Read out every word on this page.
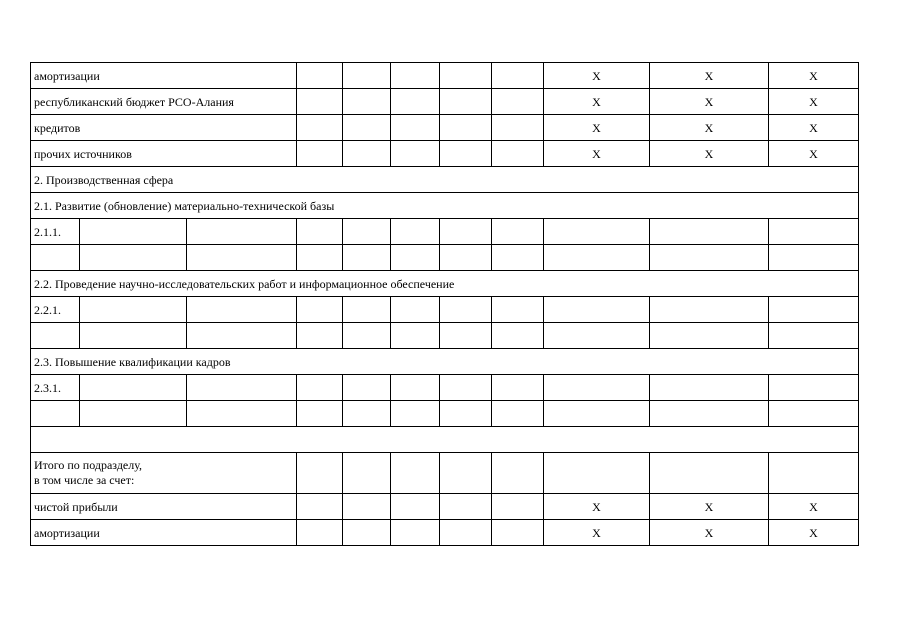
амортизации								X	X	X
республиканский бюджет РСО-Алания								X	X	X
кредитов								X	X	X
прочих источников								X	X	X
2. Производственная сфера										
2.1. Развитие (обновление) материально-технической базы										
2.1.1.										

2.2. Проведение научно-исследовательских работ и информационное обеспечение										
2.2.1.										

2.3. Повышение квалификации кадров										
2.3.1.										

Итого по подразделу,
в том числе за счет:										

чистой прибыли								X	X	X
амортизации								X	X	X
